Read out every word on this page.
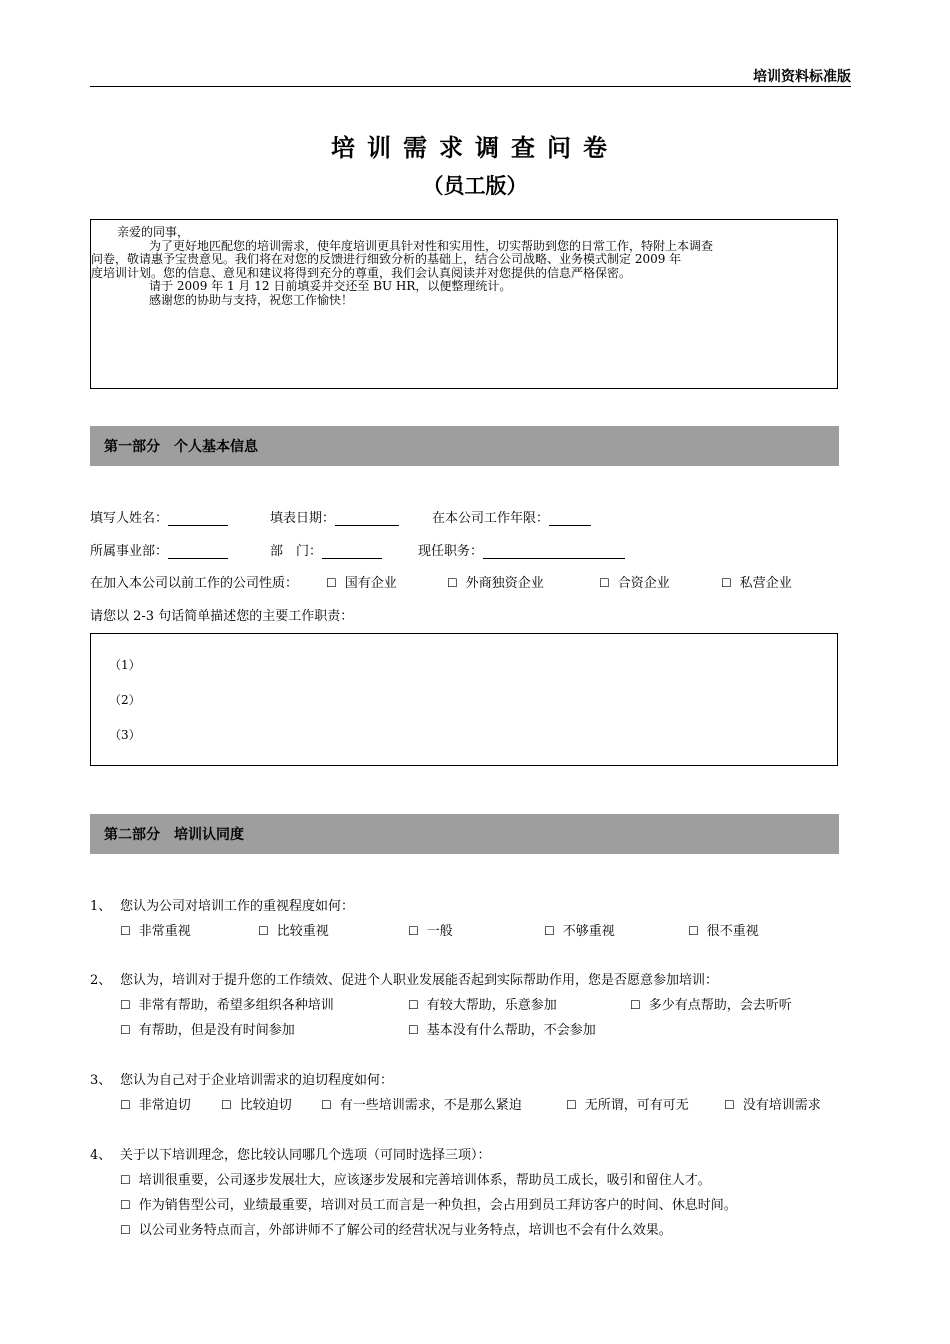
培训资料标准版
培训需求调查问卷
（员工版）

亲爱的同事，

为了更好地匹配您的培训需求，使年度培训更具针对性和实用性，切实帮助到您的日常工作，特附上本调查

问卷，敬请惠予宝贵意见。我们将在对您的反馈进行细致分析的基础上，结合公司战略、业务模式制定 2009 年

度培训计划。您的信息、意见和建议将得到充分的尊重，我们会认真阅读并对您提供的信息严格保密。

请于 2009 年 1 月 12 日前填妥并交还至 BU HR，以便整理统计。

感谢您的协助与支持，祝您工作愉快！

第一部分　个人基本信息
填写人姓名：	填表日期：	在本公司工作年限：
所属事业部：	部　门：	现任职务：
在加入本公司以前工作的公司性质： ☐ 国有企业	☐ 外商独资企业	☐ 合资企业	☐ 私营企业
请您以 2-3 句话简单描述您的主要工作职责：
（1）
（2）
（3）
第二部分　培训认同度
1、 您认为公司对培训工作的重视程度如何：
☐ 非常重视	☐ 比较重视	☐ 一般	☐ 不够重视	☐ 很不重视
2、 您认为，培训对于提升您的工作绩效、促进个人职业发展能否起到实际帮助作用，您是否愿意参加培训：
☐ 非常有帮助，希望多组织各种培训	☐ 有较大帮助，乐意参加	☐ 多少有点帮助，会去听听
☐ 有帮助，但是没有时间参加	☐ 基本没有什么帮助，不会参加
3、 您认为自己对于企业培训需求的迫切程度如何：
☐ 非常迫切	☐ 比较迫切 ☐ 有一些培训需求，不是那么紧迫	☐ 无所谓，可有可无	☐ 没有培训需求
4、 关于以下培训理念，您比较认同哪几个选项（可同时选择三项）：
☐ 培训很重要，公司逐步发展壮大，应该逐步发展和完善培训体系，帮助员工成长，吸引和留住人才。
☐ 作为销售型公司，业绩最重要，培训对员工而言是一种负担，会占用到员工拜访客户的时间、休息时间。
☐ 以公司业务特点而言，外部讲师不了解公司的经营状况与业务特点，培训也不会有什么效果。
